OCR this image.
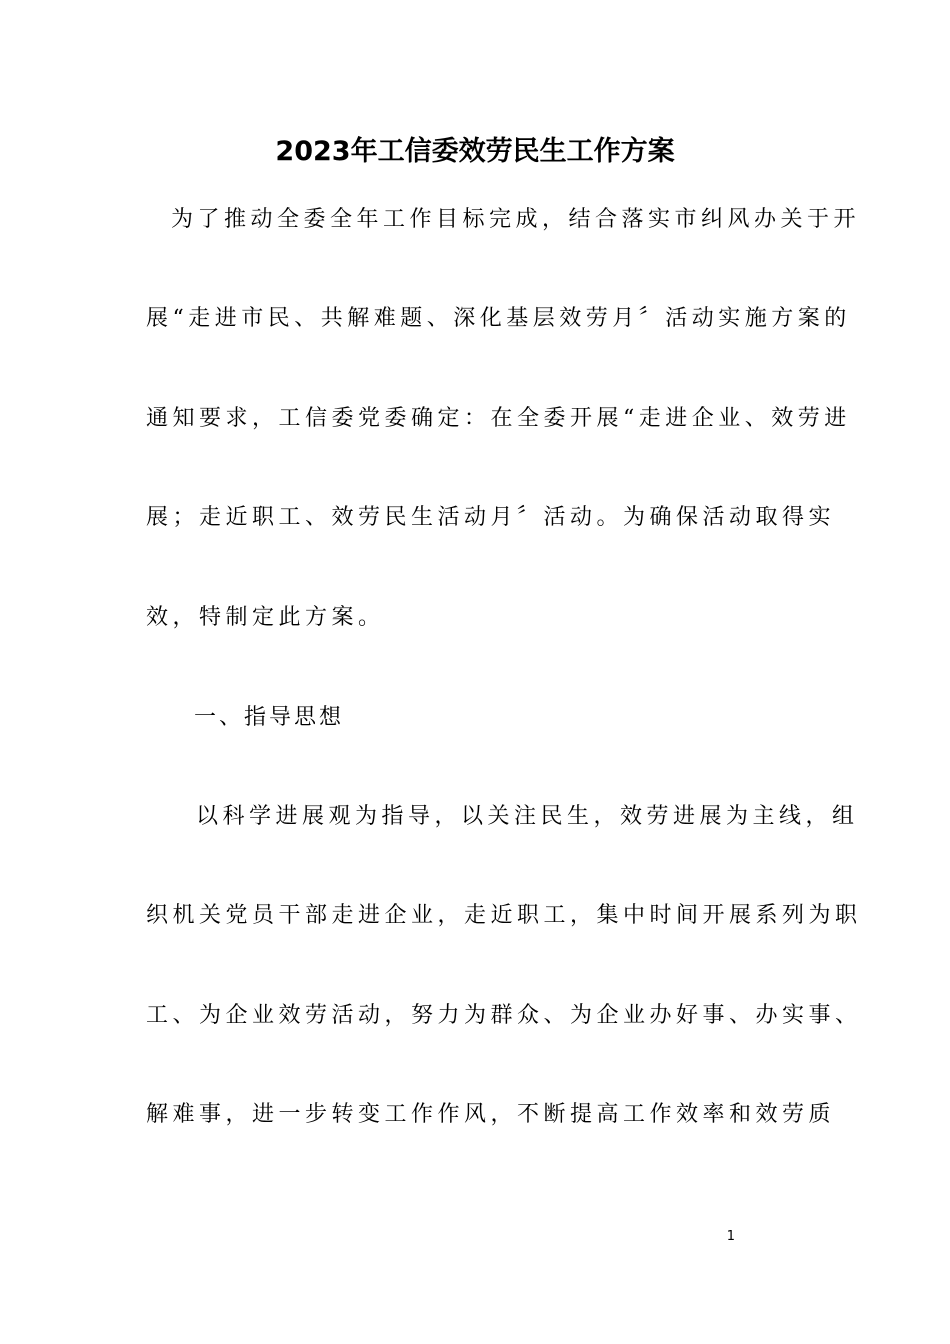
2023年工信委效劳民生工作方案

为了推动全委全年工作目标完成，结合落实市纠风办关于开

展“走进市民、共解难题、深化基层效劳月〞活动实施方案的

通知要求，工信委党委确定：在全委开展“走进企业、效劳进

展；走近职工、效劳民生活动月〞活动。为确保活动取得实

效，特制定此方案。

一、指导思想

以科学进展观为指导，以关注民生，效劳进展为主线，组

织机关党员干部走进企业，走近职工，集中时间开展系列为职

工、为企业效劳活动，努力为群众、为企业办好事、办实事、

解难事，进一步转变工作作风，不断提高工作效率和效劳质

1
